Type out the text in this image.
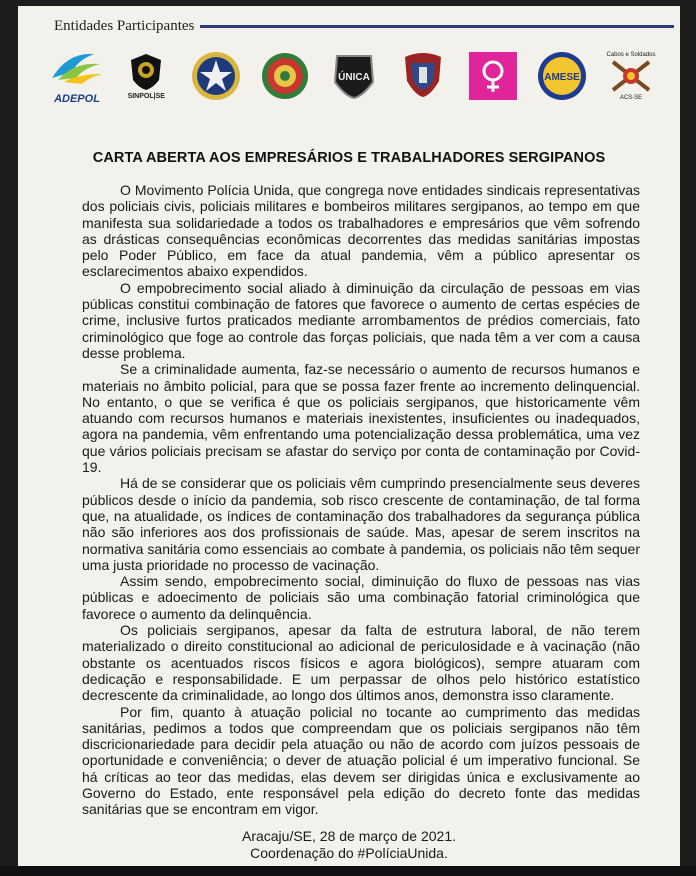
Entidades Participantes
ADEPOL	SINPOL|SE
ÚNICA	AMESE
Cabos e Soldados
ACS-SE
CARTA ABERTA AOS EMPRESÁRIOS E TRABALHADORES SERGIPANOS

O Movimento Polícia Unida, que congrega nove entidades sindicais representativas dos policiais civis, policiais militares e bombeiros militares sergipanos, ao tempo em que manifesta sua solidariedade a todos os trabalhadores e empresários que vêm sofrendo as drásticas consequências econômicas decorrentes das medidas sanitárias impostas pelo Poder Público, em face da atual pandemia, vêm a público apresentar os esclarecimentos abaixo expendidos.

O empobrecimento social aliado à diminuição da circulação de pessoas em vias públicas constitui combinação de fatores que favorece o aumento de certas espécies de crime, inclusive furtos praticados mediante arrombamentos de prédios comerciais, fato criminológico que foge ao controle das forças policiais, que nada têm a ver com a causa desse problema.

Se a criminalidade aumenta, faz-se necessário o aumento de recursos humanos e materiais no âmbito policial, para que se possa fazer frente ao incremento delinquencial. No entanto, o que se verifica é que os policiais sergipanos, que historicamente vêm atuando com recursos humanos e materiais inexistentes, insuficientes ou inadequados, agora na pandemia, vêm enfrentando uma potencialização dessa problemática, uma vez que vários policiais precisam se afastar do serviço por conta de contaminação por Covid-19.

Há de se considerar que os policiais vêm cumprindo presencialmente seus deveres públicos desde o início da pandemia, sob risco crescente de contaminação, de tal forma que, na atualidade, os índices de contaminação dos trabalhadores da segurança pública não são inferiores aos dos profissionais de saúde. Mas, apesar de serem inscritos na normativa sanitária como essenciais ao combate à pandemia, os policiais não têm sequer uma justa prioridade no processo de vacinação.

Assim sendo, empobrecimento social, diminuição do fluxo de pessoas nas vias públicas e adoecimento de policiais são uma combinação fatorial criminológica que favorece o aumento da delinquência.

Os policiais sergipanos, apesar da falta de estrutura laboral, de não terem materializado o direito constitucional ao adicional de periculosidade e à vacinação (não obstante os acentuados riscos físicos e agora biológicos), sempre atuaram com dedicação e responsabilidade. E um perpassar de olhos pelo histórico estatístico decrescente da criminalidade, ao longo dos últimos anos, demonstra isso claramente.

Por fim, quanto à atuação policial no tocante ao cumprimento das medidas sanitárias, pedimos a todos que compreendam que os policiais sergipanos não têm discricionariedade para decidir pela atuação ou não de acordo com juízos pessoais de oportunidade e conveniência; o dever de atuação policial é um imperativo funcional. Se há críticas ao teor das medidas, elas devem ser dirigidas única e exclusivamente ao Governo do Estado, ente responsável pela edição do decreto fonte das medidas sanitárias que se encontram em vigor.

Aracaju/SE, 28 de março de 2021.
Coordenação do #PolíciaUnida.
